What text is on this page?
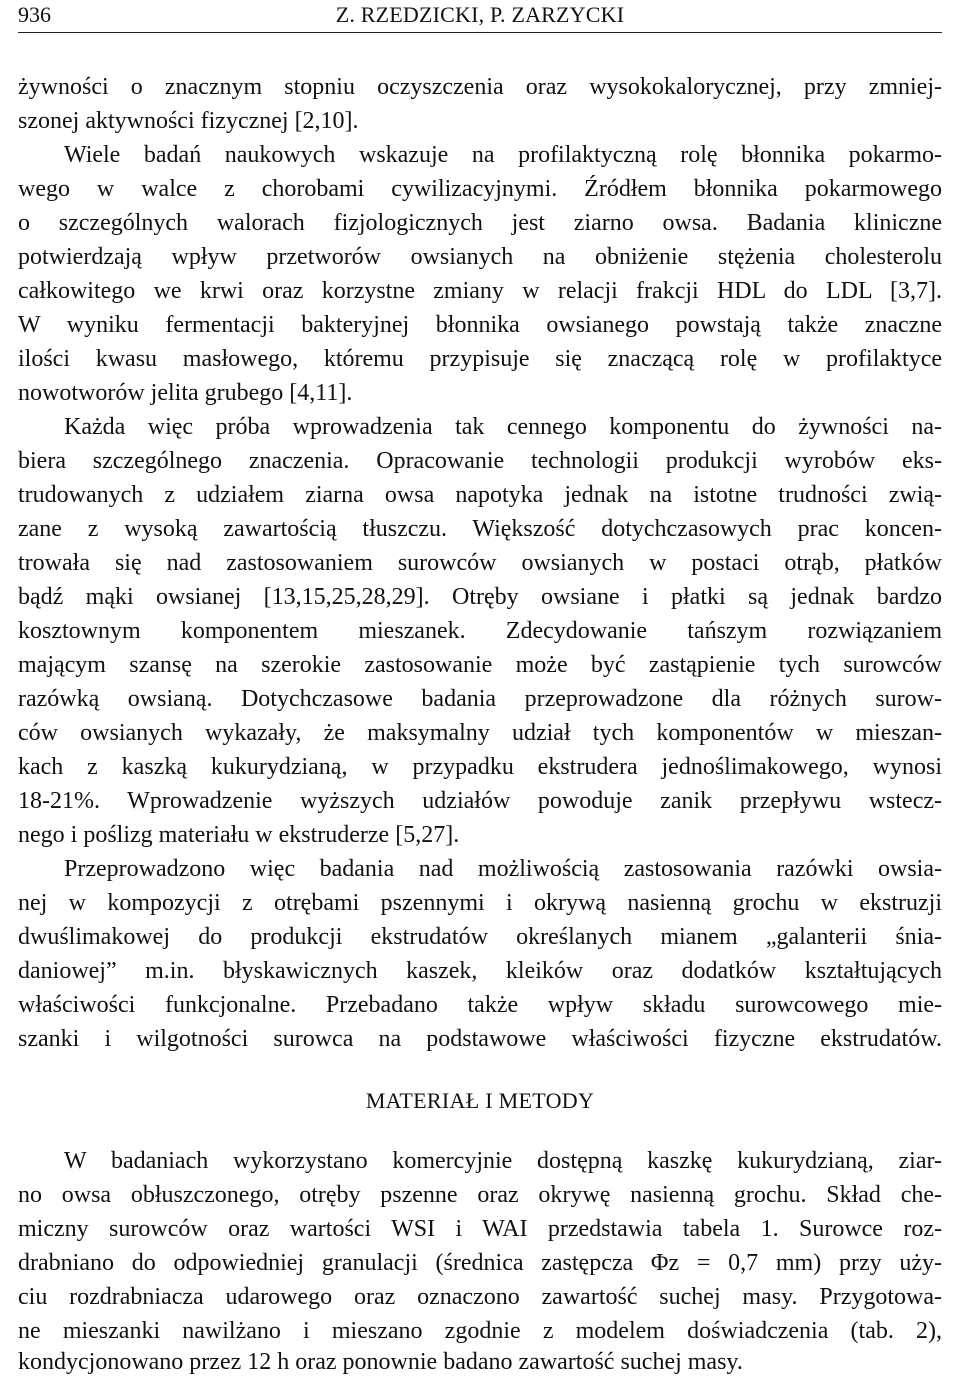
936	Z. RZEDZICKI, P. ZARZYCKI
żywności o znacznym stopniu oczyszczenia oraz wysokokalorycznej, przy zmniej-
szonej aktywności fizycznej [2,10].
Wiele badań naukowych wskazuje na profilaktyczną rolę błonnika pokarmo-
wego w walce z chorobami cywilizacyjnymi. Źródłem błonnika pokarmowego
o szczególnych walorach fizjologicznych jest ziarno owsa. Badania kliniczne
potwierdzają wpływ przetworów owsianych na obniżenie stężenia cholesterolu
całkowitego we krwi oraz korzystne zmiany w relacji frakcji HDL do LDL [3,7].
W wyniku fermentacji bakteryjnej błonnika owsianego powstają także znaczne
ilości kwasu masłowego, któremu przypisuje się znaczącą rolę w profilaktyce
nowotworów jelita grubego [4,11].
Każda więc próba wprowadzenia tak cennego komponentu do żywności na-
biera szczególnego znaczenia. Opracowanie technologii produkcji wyrobów eks-
trudowanych z udziałem ziarna owsa napotyka jednak na istotne trudności zwią-
zane z wysoką zawartością tłuszczu. Większość dotychczasowych prac koncen-
trowała się nad zastosowaniem surowców owsianych w postaci otrąb, płatków
bądź mąki owsianej [13,15,25,28,29]. Otręby owsiane i płatki są jednak bardzo
kosztownym komponentem mieszanek. Zdecydowanie tańszym rozwiązaniem
mającym szansę na szerokie zastosowanie może być zastąpienie tych surowców
razówką owsianą. Dotychczasowe badania przeprowadzone dla różnych surow-
ców owsianych wykazały, że maksymalny udział tych komponentów w mieszan-
kach z kaszką kukurydzianą, w przypadku ekstrudera jednoślimakowego, wynosi
18-21%. Wprowadzenie wyższych udziałów powoduje zanik przepływu wstecz-
nego i poślizg materiału w ekstruderze [5,27].
Przeprowadzono więc badania nad możliwością zastosowania razówki owsia-
nej w kompozycji z otrębami pszennymi i okrywą nasienną grochu w ekstruzji
dwuślimakowej do produkcji ekstrudatów określanych mianem „galanterii śnia-
daniowej” m.in. błyskawicznych kaszek, kleików oraz dodatków kształtujących
właściwości funkcjonalne. Przebadano także wpływ składu surowcowego mie-
szanki i wilgotności surowca na podstawowe właściwości fizyczne ekstrudatów.
MATERIAŁ I METODY
W badaniach wykorzystano komercyjnie dostępną kaszkę kukurydzianą, ziar-
no owsa obłuszczonego, otręby pszenne oraz okrywę nasienną grochu. Skład che-
miczny surowców oraz wartości WSI i WAI przedstawia tabela 1. Surowce roz-
drabniano do odpowiedniej granulacji (średnica zastępcza Φz = 0,7 mm) przy uży-
ciu rozdrabniacza udarowego oraz oznaczono zawartość suchej masy. Przygotowa-
ne mieszanki nawilżano i mieszano zgodnie z modelem doświadczenia (tab. 2),
kondycjonowano przez 12 h oraz ponownie badano zawartość suchej masy.
